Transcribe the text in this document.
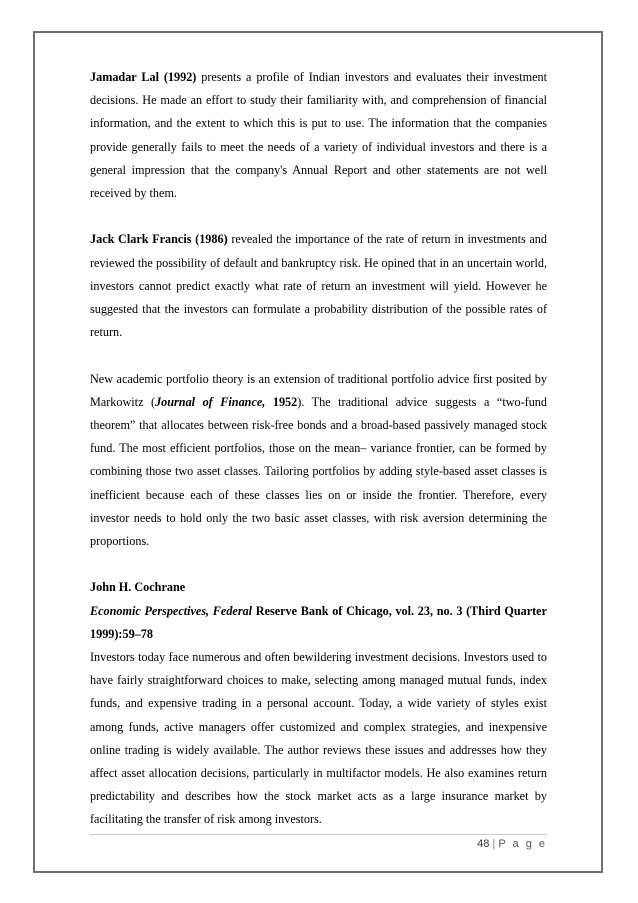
Jamadar Lal (1992) presents a profile of Indian investors and evaluates their investment decisions. He made an effort to study their familiarity with, and comprehension of financial information, and the extent to which this is put to use. The information that the companies provide generally fails to meet the needs of a variety of individual investors and there is a general impression that the company's Annual Report and other statements are not well received by them.

Jack Clark Francis (1986) revealed the importance of the rate of return in investments and reviewed the possibility of default and bankruptcy risk. He opined that in an uncertain world, investors cannot predict exactly what rate of return an investment will yield. However he suggested that the investors can formulate a probability distribution of the possible rates of return.

New academic portfolio theory is an extension of traditional portfolio advice first posited by Markowitz (Journal of Finance, 1952). The traditional advice suggests a “two-fund theorem” that allocates between risk-free bonds and a broad-based passively managed stock fund. The most efficient portfolios, those on the mean– variance frontier, can be formed by combining those two asset classes. Tailoring portfolios by adding style-based asset classes is inefficient because each of these classes lies on or inside the frontier. Therefore, every investor needs to hold only the two basic asset classes, with risk aversion determining the proportions.

John H. Cochrane

Economic Perspectives, Federal Reserve Bank of Chicago, vol. 23, no. 3 (Third Quarter 1999):59–78

Investors today face numerous and often bewildering investment decisions. Investors used to have fairly straightforward choices to make, selecting among managed mutual funds, index funds, and expensive trading in a personal account. Today, a wide variety of styles exist among funds, active managers offer customized and complex strategies, and inexpensive online trading is widely available. The author reviews these issues and addresses how they affect asset allocation decisions, particularly in multifactor models. He also examines return predictability and describes how the stock market acts as a large insurance market by facilitating the transfer of risk among investors.

48 | P a g e
